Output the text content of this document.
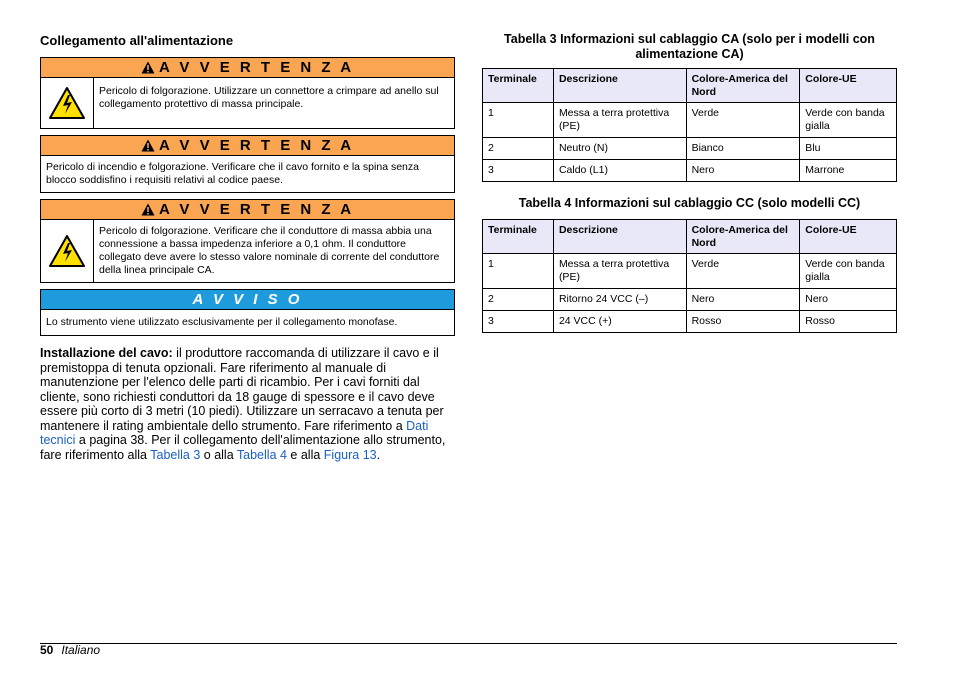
Collegamento all'alimentazione
A V V E R T E N Z A
Pericolo di folgorazione. Utilizzare un connettore a crimpare ad anello sul collegamento protettivo di massa principale.
A V V E R T E N Z A
Pericolo di incendio e folgorazione. Verificare che il cavo fornito e la spina senza blocco soddisfino i requisiti relativi al codice paese.
A V V E R T E N Z A
Pericolo di folgorazione. Verificare che il conduttore di massa abbia una connessione a bassa impedenza inferiore a 0,1 ohm. Il conduttore collegato deve avere lo stesso valore nominale di corrente del conduttore della linea principale CA.
A V V I S O
Lo strumento viene utilizzato esclusivamente per il collegamento monofase.
Installazione del cavo: il produttore raccomanda di utilizzare il cavo e il premistoppa di tenuta opzionali. Fare riferimento al manuale di manutenzione per l'elenco delle parti di ricambio. Per i cavi forniti dal cliente, sono richiesti conduttori da 18 gauge di spessore e il cavo deve essere più corto di 3 metri (10 piedi). Utilizzare un serracavo a tenuta per mantenere il rating ambientale dello strumento. Fare riferimento a Dati tecnici a pagina 38. Per il collegamento dell'alimentazione allo strumento, fare riferimento alla Tabella 3 o alla Tabella 4 e alla Figura 13.
Tabella 3 Informazioni sul cablaggio CA (solo per i modelli con
alimentazione CA)
Terminale	Descrizione	Colore-America del Nord	Colore-UE
1	Messa a terra protettiva (PE)	Verde	Verde con banda gialla
2	Neutro (N)	Bianco	Blu
3	Caldo (L1)	Nero	Marrone
Tabella 4 Informazioni sul cablaggio CC (solo modelli CC)
Terminale	Descrizione	Colore-America del Nord	Colore-UE
1	Messa a terra protettiva (PE)	Verde	Verde con banda gialla
2	Ritorno 24 VCC (–)	Nero	Nero
3	24 VCC (+)	Rosso	Rosso
50 Italiano
